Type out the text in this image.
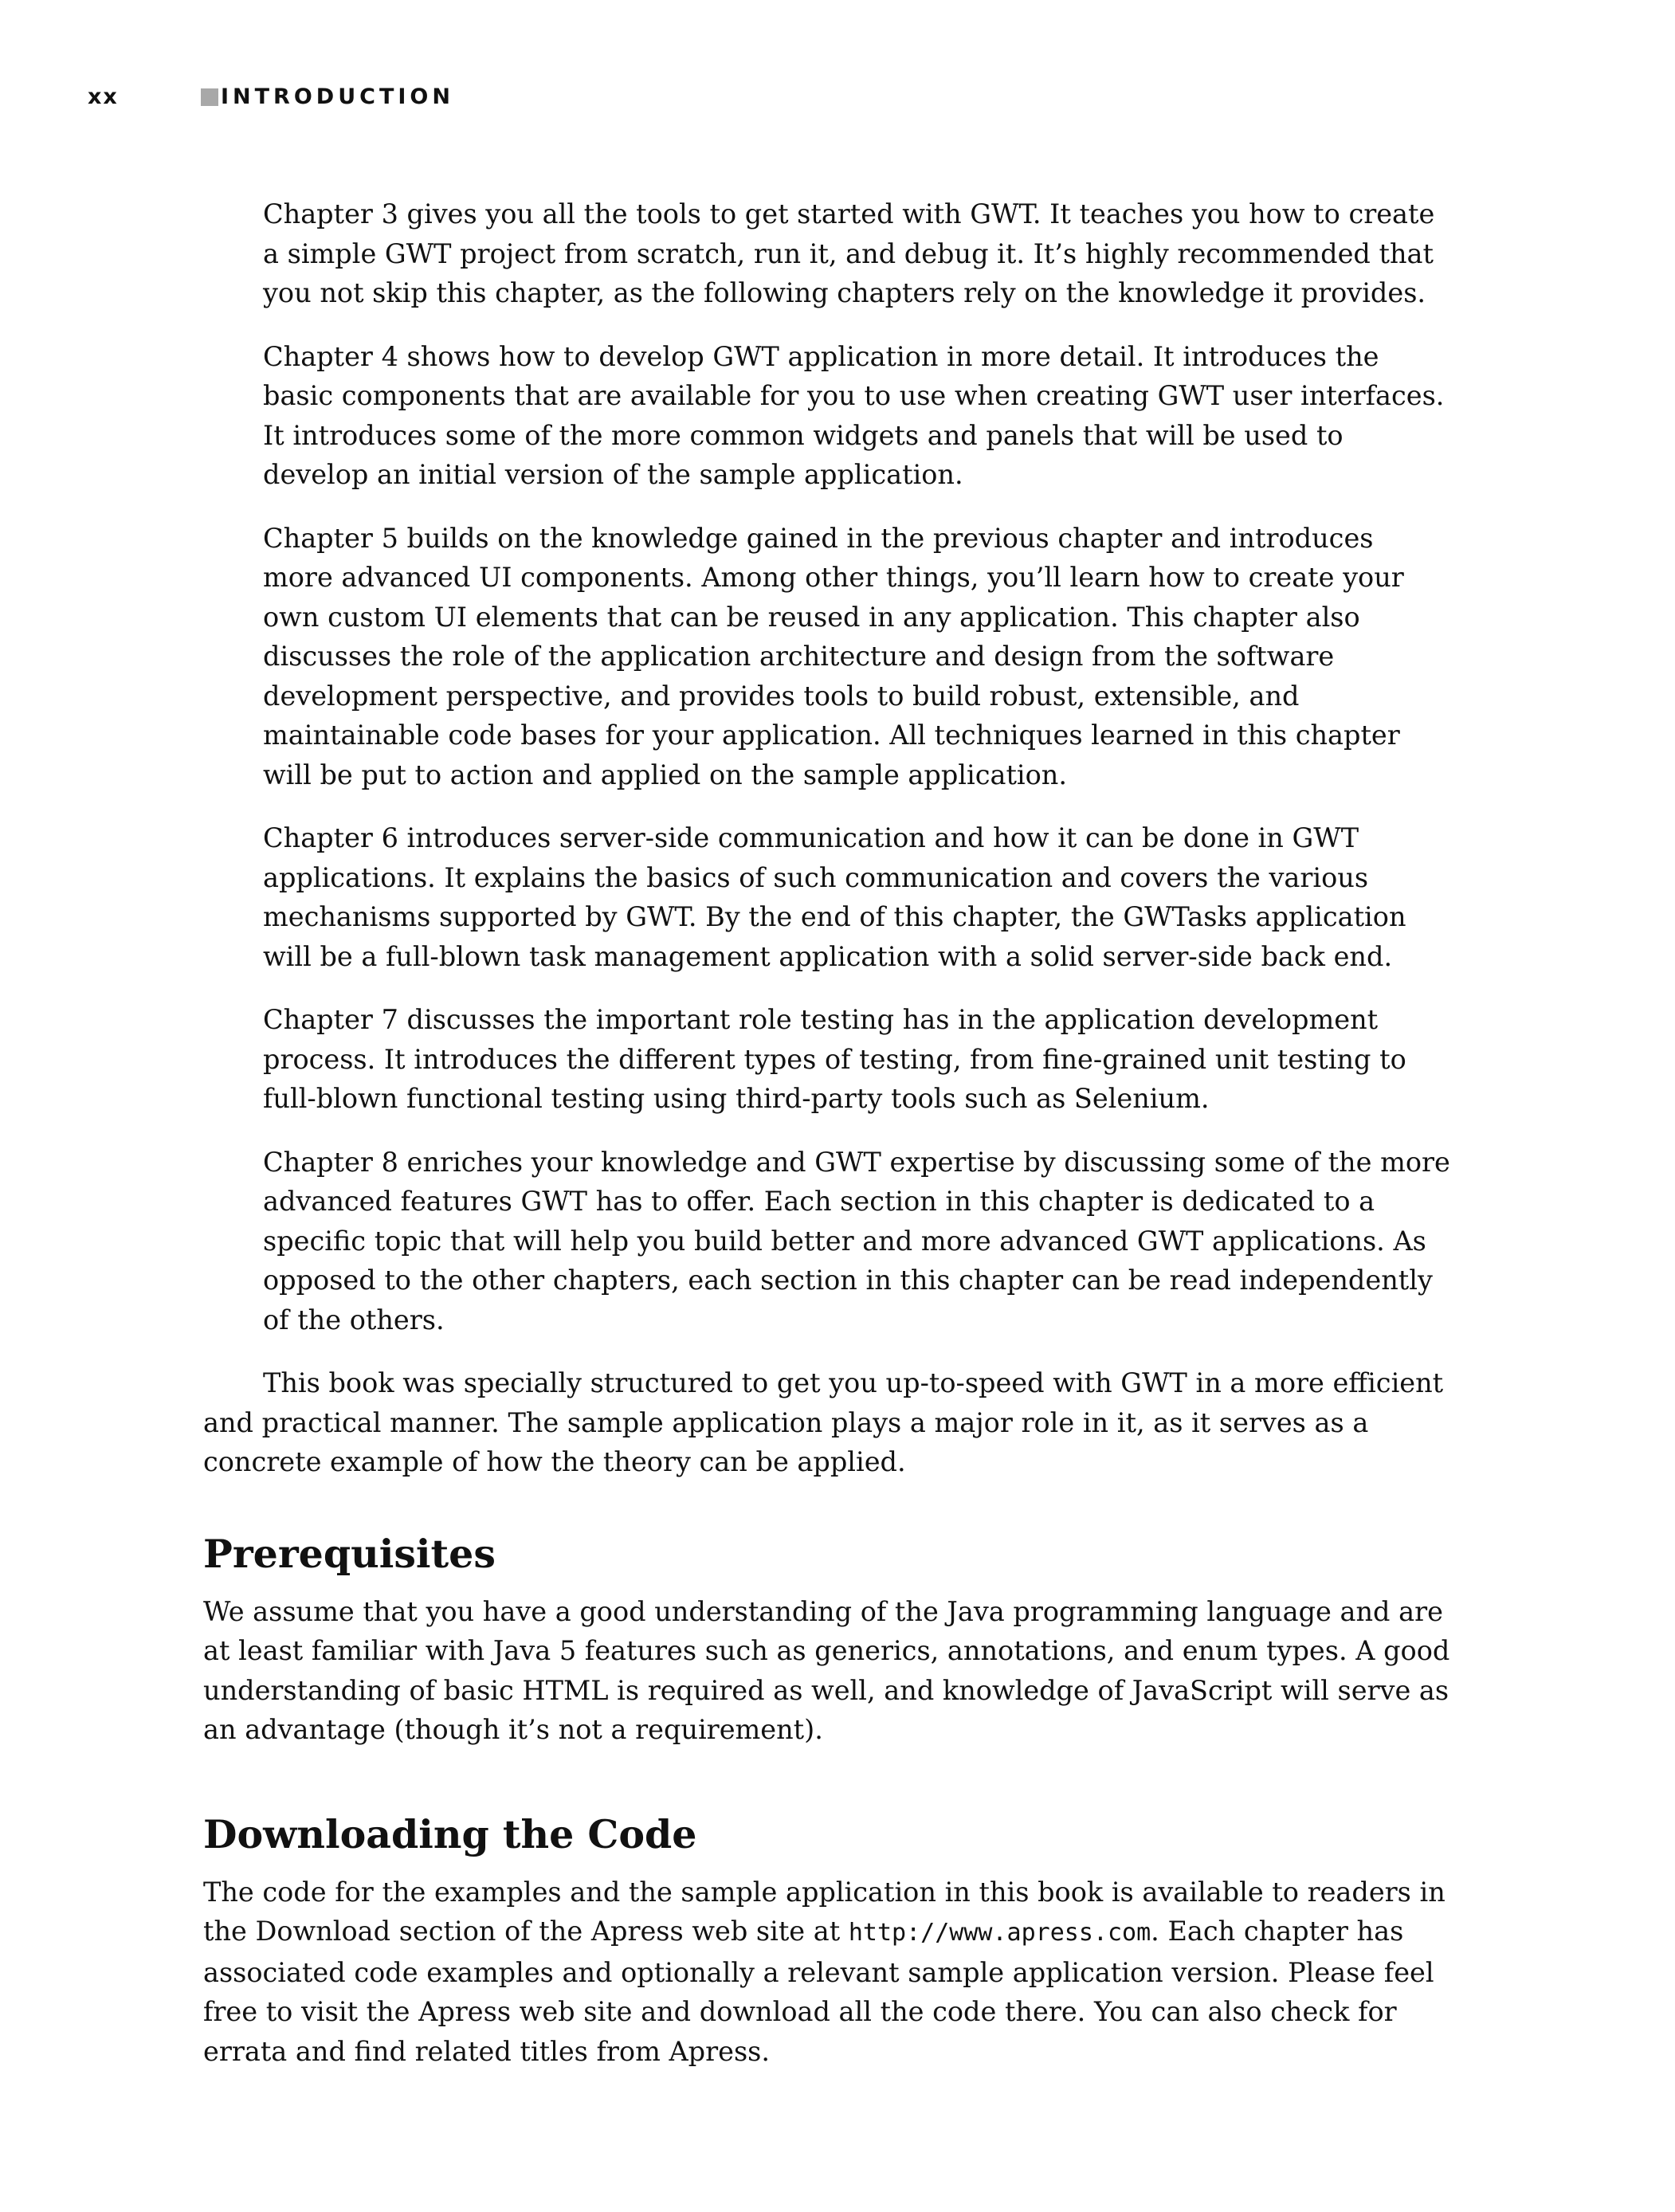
xx	INTRODUCTION

Chapter 3 gives you all the tools to get started with GWT. It teaches you how to create a simple GWT project from scratch, run it, and debug it. It’s highly recommended that you not skip this chapter, as the following chapters rely on the knowledge it provides.

Chapter 4 shows how to develop GWT application in more detail. It introduces the basic components that are available for you to use when creating GWT user interfaces. It introduces some of the more common widgets and panels that will be used to develop an initial version of the sample application.

Chapter 5 builds on the knowledge gained in the previous chapter and introduces more advanced UI components. Among other things, you’ll learn how to create your own custom UI elements that can be reused in any application. This chapter also discusses the role of the application architecture and design from the software development perspective, and provides tools to build robust, extensible, and maintainable code bases for your application. All techniques learned in this chapter will be put to action and applied on the sample application.

Chapter 6 introduces server-side communication and how it can be done in GWT applications. It explains the basics of such communication and covers the various mechanisms supported by GWT. By the end of this chapter, the GWTasks application will be a full-blown task management application with a solid server-side back end.

Chapter 7 discusses the important role testing has in the application development process. It introduces the different types of testing, from fine-grained unit testing to full-blown functional testing using third-party tools such as Selenium.

Chapter 8 enriches your knowledge and GWT expertise by discussing some of the more advanced features GWT has to offer. Each section in this chapter is dedicated to a specific topic that will help you build better and more advanced GWT applications. As opposed to the other chapters, each section in this chapter can be read independently of the others.

This book was specially structured to get you up-to-speed with GWT in a more efficient and practical manner. The sample application plays a major role in it, as it serves as a concrete example of how the theory can be applied.

Prerequisites

We assume that you have a good understanding of the Java programming language and are at least familiar with Java 5 features such as generics, annotations, and enum types. A good understanding of basic HTML is required as well, and knowledge of JavaScript will serve as an advantage (though it’s not a requirement).

Downloading the Code

The code for the examples and the sample application in this book is available to readers in the Download section of the Apress web site at http://www.apress.com. Each chapter has associated code examples and optionally a relevant sample application version. Please feel free to visit the Apress web site and download all the code there. You can also check for errata and find related titles from Apress.
